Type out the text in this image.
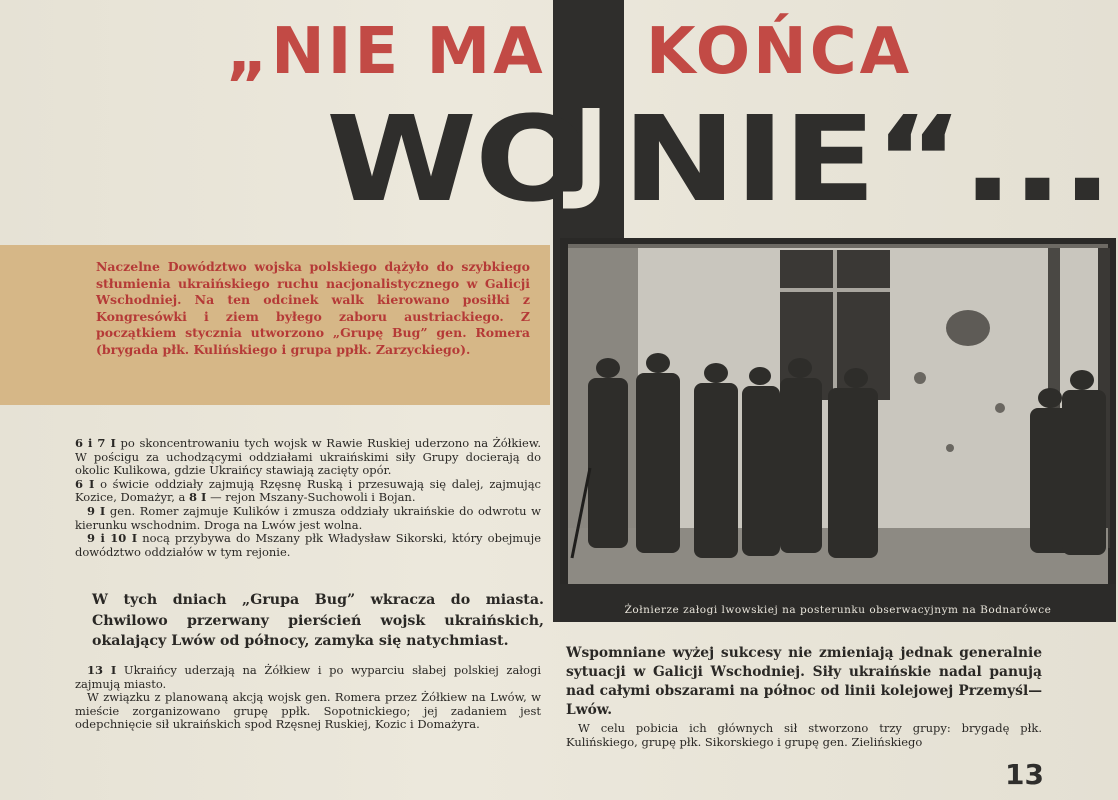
„NIE MA KOŃCA
WO NIE“...

Naczelne Dowództwo wojska polskiego dążyło do szybkiego stłumienia ukraińskiego ruchu nacjonalistycznego w Galicji Wschodniej. Na ten odcinek walk kierowano posiłki z Kongresówki i ziem byłego zaboru austriackiego. Z początkiem stycznia utworzono „Grupę Bug” gen. Romera (brygada płk. Kulińskiego i grupa ppłk. Zarzyckiego).

Żołnierze załogi lwowskiej na posterunku obserwacyjnym na Bodnarówce

6 i 7 I po skoncentrowaniu tych wojsk w Rawie Ruskiej uderzono na Żółkiew. W pościgu za uchodzącymi oddziałami ukraińskimi siły Grupy docierają do okolic Kulikowa, gdzie Ukraińcy stawiają zacięty opór.

6 I o świcie oddziały zajmują Rzęsnę Ruską i przesuwają się dalej, zajmując Kozice, Domażyr, a 8 I — rejon Mszany-Suchowoli i Bojan.

9 I gen. Romer zajmuje Kulików i zmusza oddziały ukraińskie do odwrotu w kierunku wschodnim. Droga na Lwów jest wolna.

9 i 10 I nocą przybywa do Mszany płk Władysław Sikorski, który obejmuje dowództwo oddziałów w tym rejonie.

W tych dniach „Grupa Bug” wkracza do miasta. Chwilowo przerwany pierścień wojsk ukraińskich, okalający Lwów od północy, zamyka się natychmiast.

13 I Ukraińcy uderzają na Żółkiew i po wyparciu słabej polskiej załogi zajmują miasto.

W związku z planowaną akcją wojsk gen. Romera przez Żółkiew na Lwów, w mieście zorganizowano grupę ppłk. Sopotnickiego; jej zadaniem jest odepchnięcie sił ukraińskich spod Rzęsnej Ruskiej, Kozic i Domażyra.

Wspomniane wyżej sukcesy nie zmieniają jednak generalnie sytuacji w Galicji Wschodniej. Siły ukraińskie nadal panują nad całymi obszarami na północ od linii kolejowej Przemyśl—Lwów.

W celu pobicia ich głównych sił stworzono trzy grupy: brygadę płk. Kulińskiego, grupę płk. Sikorskiego i grupę gen. Zielińskiego

13
